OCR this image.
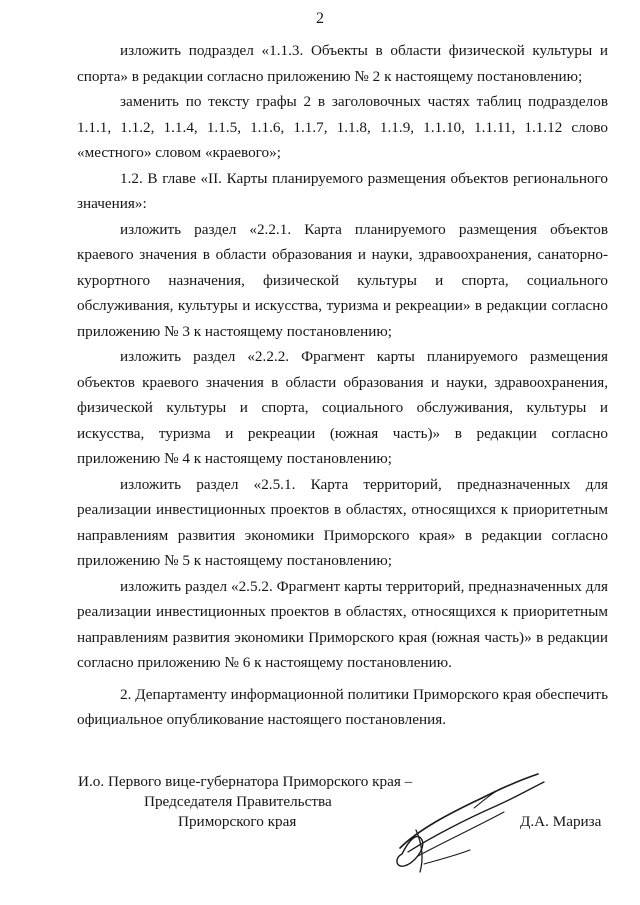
2

изложить подраздел «1.1.3. Объекты в области физической культуры и спорта» в редакции согласно приложению № 2 к настоящему постановлению;

заменить по тексту графы 2 в заголовочных частях таблиц подразделов 1.1.1, 1.1.2, 1.1.4, 1.1.5, 1.1.6, 1.1.7, 1.1.8, 1.1.9, 1.1.10, 1.1.11, 1.1.12 слово «местного» словом «краевого»;

1.2. В главе «II. Карты планируемого размещения объектов регионального значения»:

изложить раздел «2.2.1. Карта планируемого размещения объектов краевого значения в области образования и науки, здравоохранения, санаторно-курортного назначения, физической культуры и спорта, социального обслуживания, культуры и искусства, туризма и рекреации» в редакции согласно приложению № 3 к настоящему постановлению;

изложить раздел «2.2.2. Фрагмент карты планируемого размещения объектов краевого значения в области образования и науки, здравоохранения, физической культуры и спорта, социального обслуживания, культуры и искусства, туризма и рекреации (южная часть)» в редакции согласно приложению № 4 к настоящему постановлению;

изложить раздел «2.5.1. Карта территорий, предназначенных для реализации инвестиционных проектов в областях, относящихся к приоритетным направлениям развития экономики Приморского края» в редакции согласно приложению № 5 к настоящему постановлению;

изложить раздел «2.5.2. Фрагмент карты территорий, предназначенных для реализации инвестиционных проектов в областях, относящихся к приоритетным направлениям развития экономики Приморского края (южная часть)» в редакции согласно приложению № 6 к настоящему постановлению.

2. Департаменту информационной политики Приморского края обеспечить официальное опубликование настоящего постановления.

И.о. Первого вице-губернатора Приморского края –
Председателя Правительства
Приморского края	Д.А. Мариза
